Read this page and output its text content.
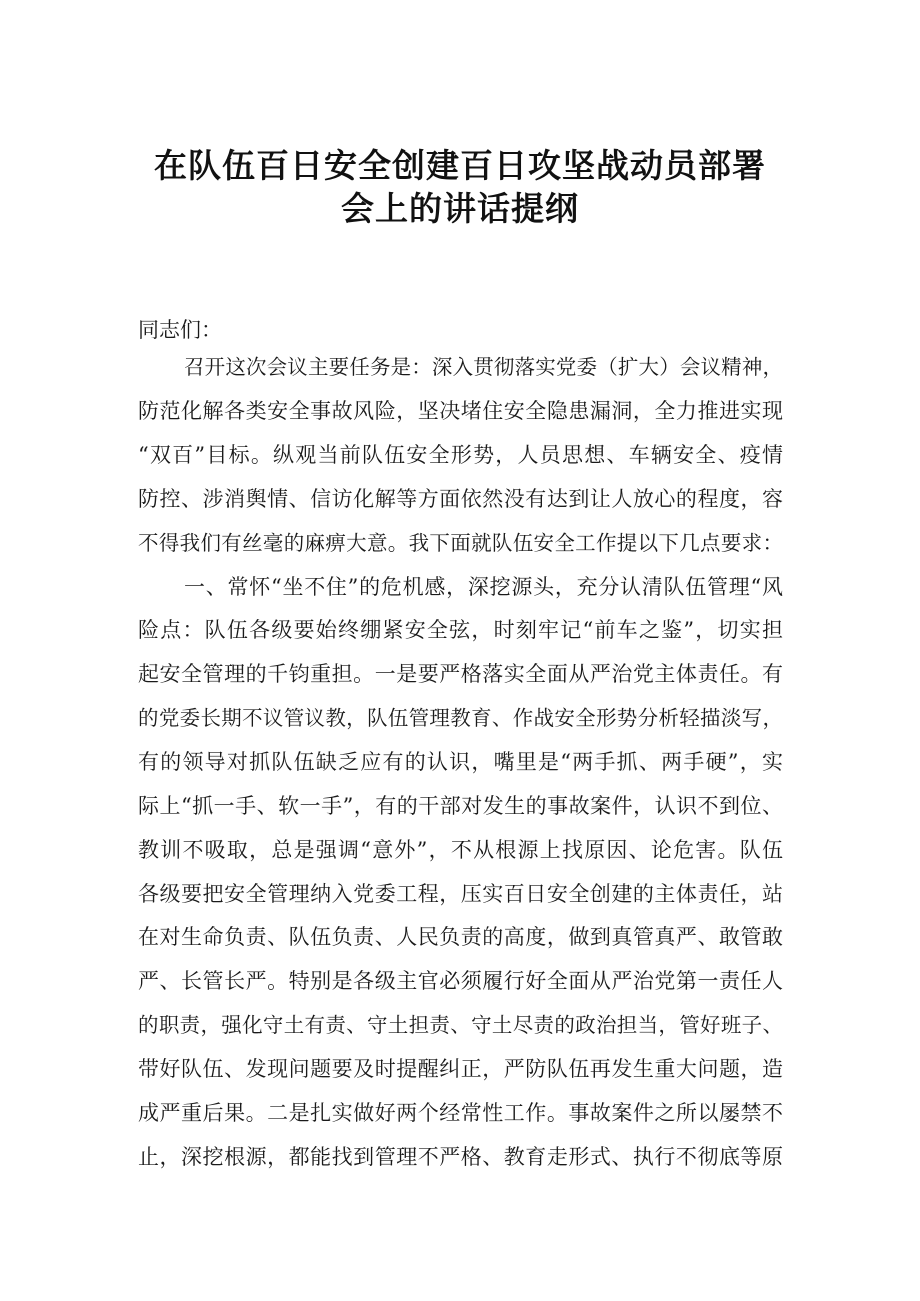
在队伍百日安全创建百日攻坚战动员部署
会上的讲话提纲
同志们：
召开这次会议主要任务是：深入贯彻落实党委（扩大）会议精神，
防范化解各类安全事故风险，坚决堵住安全隐患漏洞，全力推进实现
“双百”目标。纵观当前队伍安全形势，人员思想、车辆安全、疫情
防控、涉消舆情、信访化解等方面依然没有达到让人放心的程度，容
不得我们有丝毫的麻痹大意。我下面就队伍安全工作提以下几点要求：
一、常怀“坐不住”的危机感，深挖源头，充分认清队伍管理“风
险点：队伍各级要始终绷紧安全弦，时刻牢记“前车之鉴”，切实担
起安全管理的千钧重担。一是要严格落实全面从严治党主体责任。有
的党委长期不议管议教，队伍管理教育、作战安全形势分析轻描淡写，
有的领导对抓队伍缺乏应有的认识，嘴里是“两手抓、两手硬”，实
际上“抓一手、软一手”，有的干部对发生的事故案件，认识不到位、
教训不吸取，总是强调“意外”，不从根源上找原因、论危害。队伍
各级要把安全管理纳入党委工程，压实百日安全创建的主体责任，站
在对生命负责、队伍负责、人民负责的高度，做到真管真严、敢管敢
严、长管长严。特别是各级主官必须履行好全面从严治党第一责任人
的职责，强化守土有责、守土担责、守土尽责的政治担当，管好班子、
带好队伍、发现问题要及时提醒纠正，严防队伍再发生重大问题，造
成严重后果。二是扎实做好两个经常性工作。事故案件之所以屡禁不
止，深挖根源，都能找到管理不严格、教育走形式、执行不彻底等原
